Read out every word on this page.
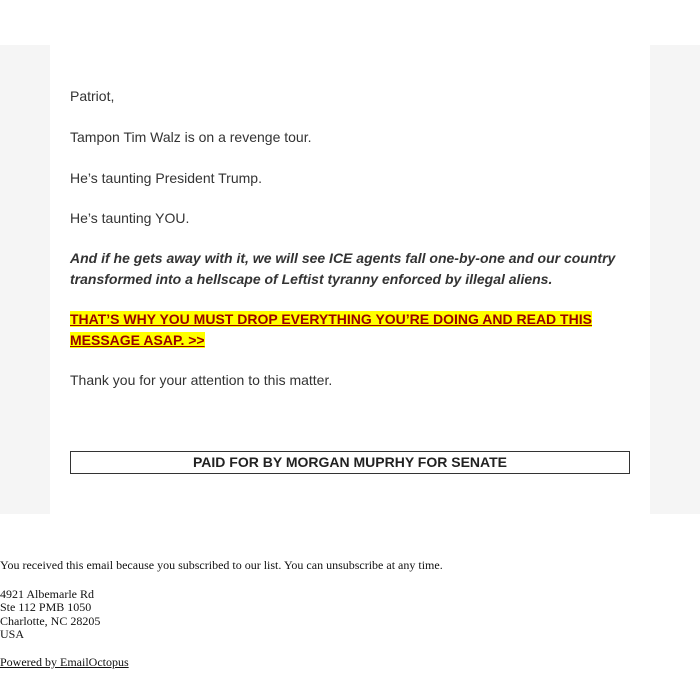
Patriot,

Tampon Tim Walz is on a revenge tour.

He’s taunting President Trump.

He’s taunting YOU.

And if he gets away with it, we will see ICE agents fall one-by-one and our country
transformed into a hellscape of Leftist tyranny enforced by illegal aliens.

THAT’S WHY YOU MUST DROP EVERYTHING YOU’RE DOING AND READ THIS
MESSAGE ASAP. >>

Thank you for your attention to this matter.

PAID FOR BY MORGAN MUPRHY FOR SENATE

You received this email because you subscribed to our list. You can unsubscribe at any time.

4921 Albemarle Rd

Ste 112 PMB 1050

Charlotte, NC 28205

USA

Powered by EmailOctopus
